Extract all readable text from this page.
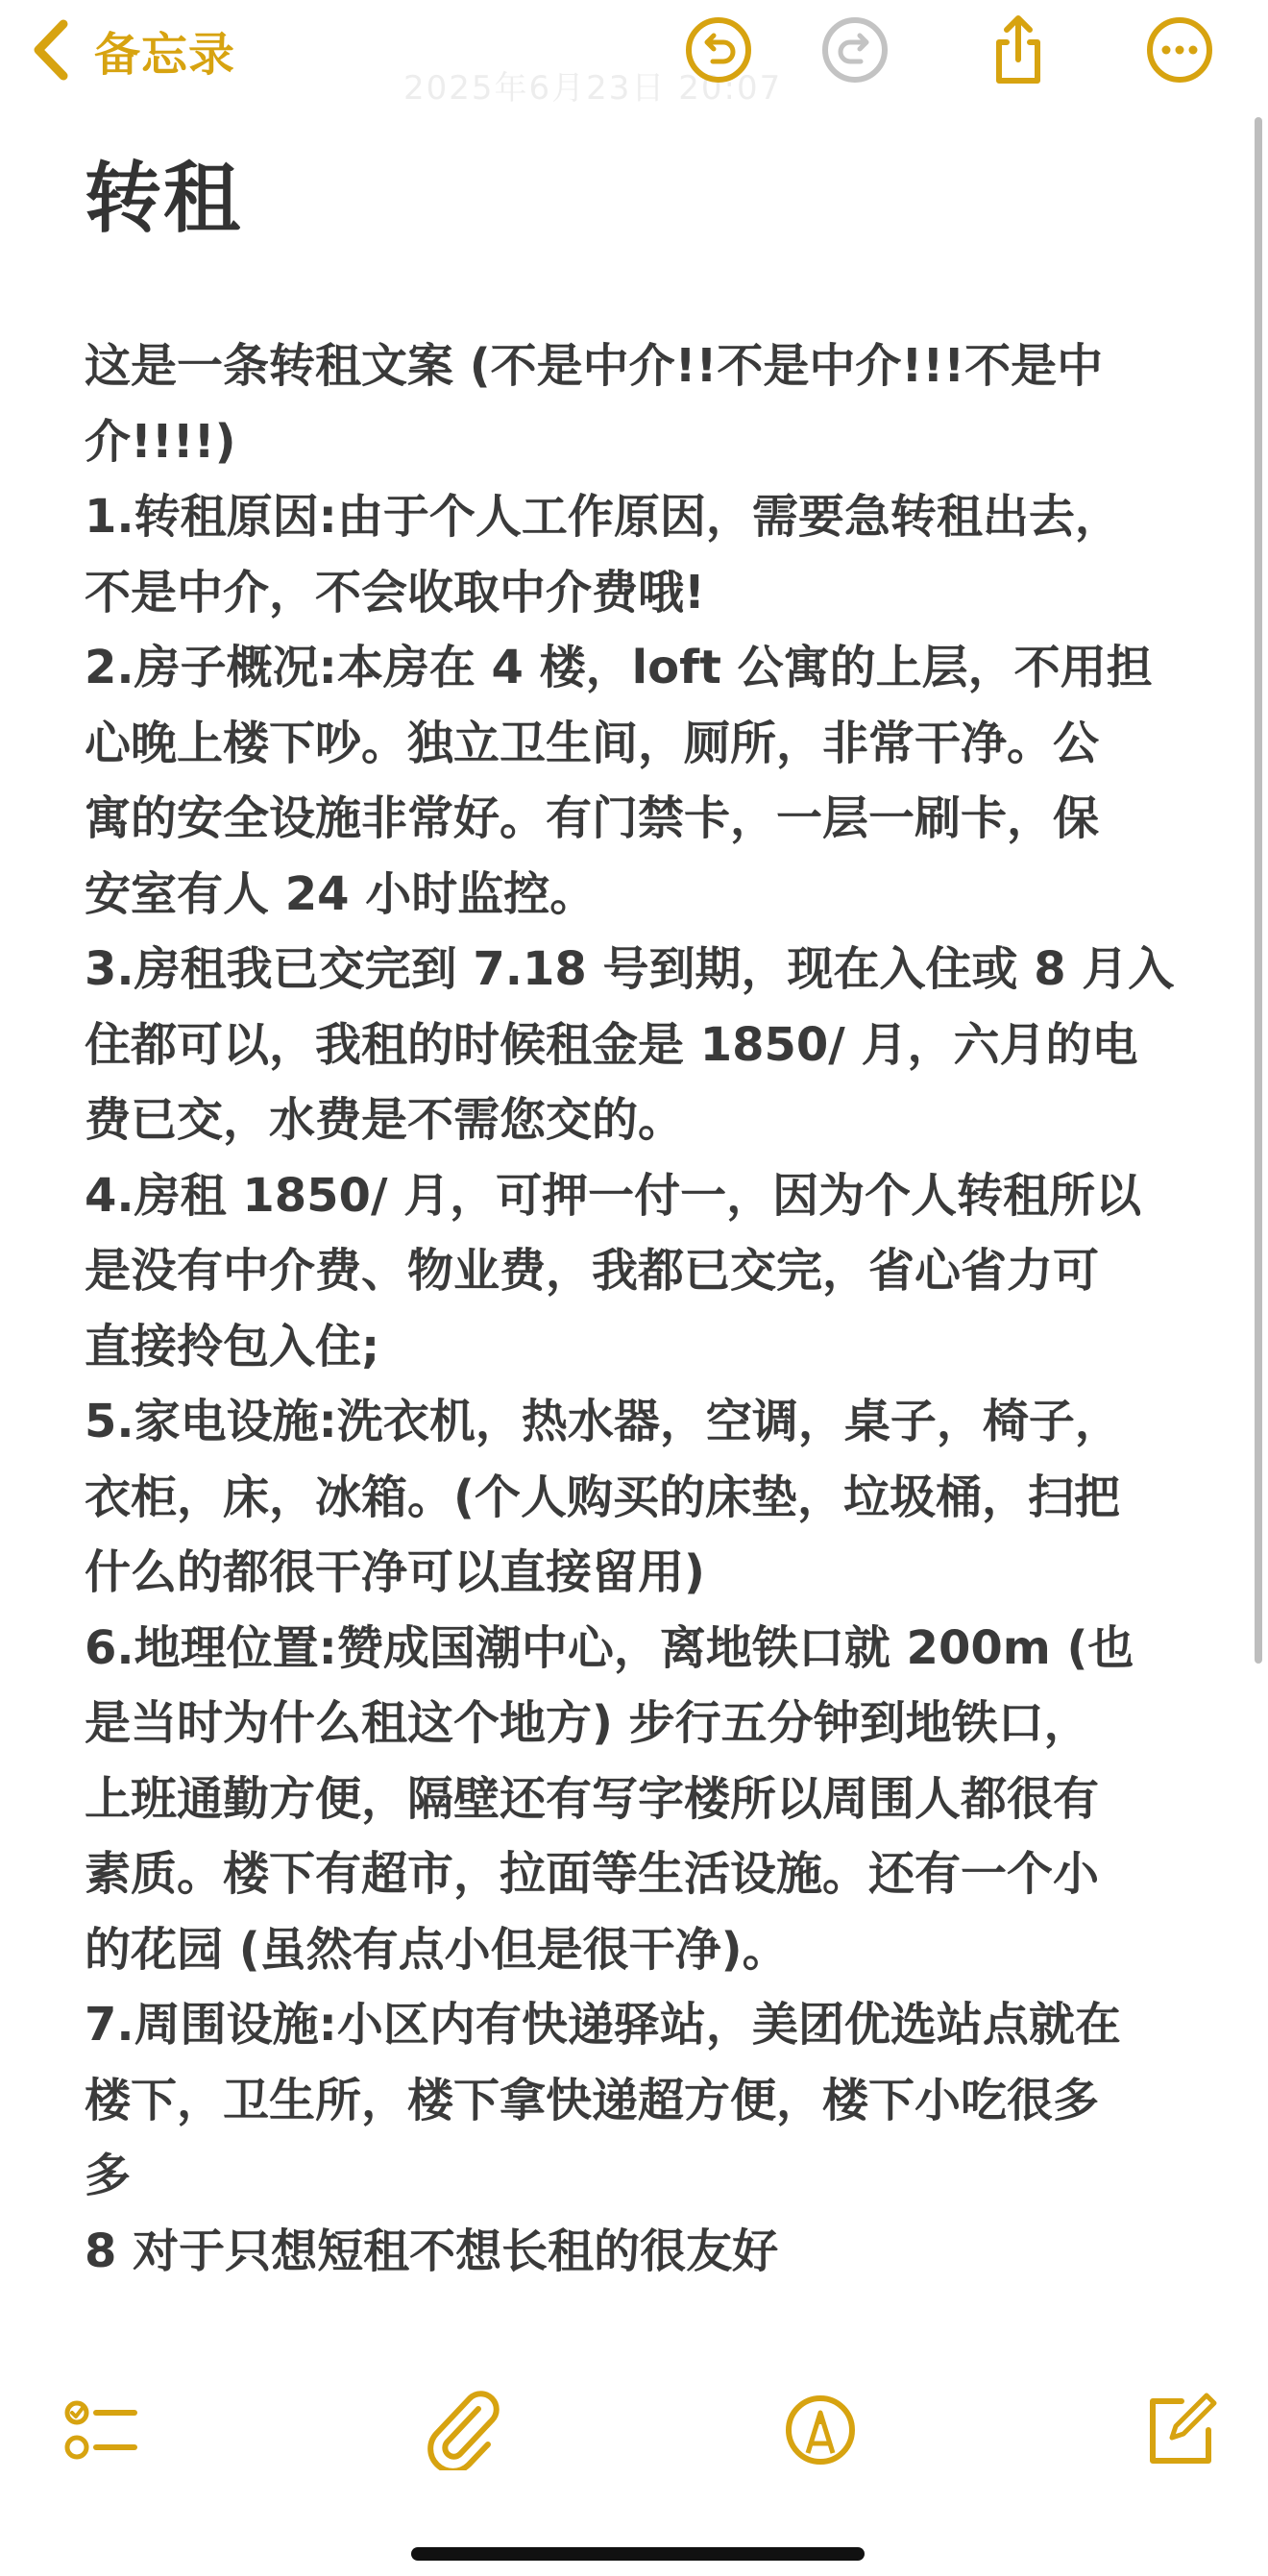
备忘录
2025年6月23日 20:07
转租
这是一条转租文案 (不是中介!!不是中介!!!不是中
介!!!!)
1.转租原因:由于个人工作原因，需要急转租出去，
不是中介，不会收取中介费哦!
2.房子概况:本房在 4 楼，loft 公寓的上层，不用担
心晚上楼下吵。独立卫生间，厕所，非常干净。公
寓的安全设施非常好。有门禁卡，一层一刷卡，保
安室有人 24 小时监控。
3.房租我已交完到 7.18 号到期，现在入住或 8 月入
住都可以，我租的时候租金是 1850/ 月，六月的电
费已交，水费是不需您交的。
4.房租 1850/ 月，可押一付一，因为个人转租所以
是没有中介费、物业费，我都已交完，省心省力可
直接拎包入住;
5.家电设施:洗衣机，热水器，空调，桌子，椅子，
衣柜，床，冰箱。(个人购买的床垫，垃圾桶，扫把
什么的都很干净可以直接留用)
6.地理位置:赞成国潮中心，离地铁口就 200m (也
是当时为什么租这个地方) 步行五分钟到地铁口，
上班通勤方便，隔壁还有写字楼所以周围人都很有
素质。楼下有超市，拉面等生活设施。还有一个小
的花园 (虽然有点小但是很干净)。
7.周围设施:小区内有快递驿站，美团优选站点就在
楼下，卫生所，楼下拿快递超方便，楼下小吃很多
多
8 对于只想短租不想长租的很友好
